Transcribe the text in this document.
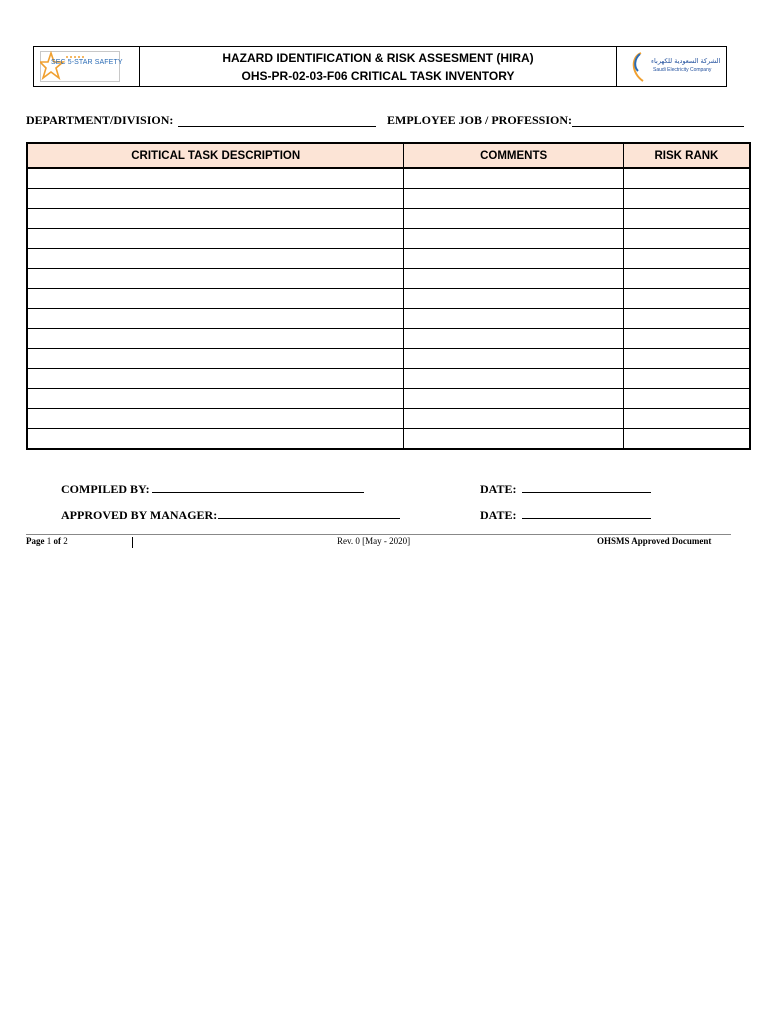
SEC 5-STAR SAFETY	HAZARD IDENTIFICATION & RISK ASSESMENT (HIRA)
OHS-PR-02-03-F06 CRITICAL TASK INVENTORY
الشركة السعودية للكهرباء
Saudi Electricity Company
DEPARTMENT/DIVISION:	EMPLOYEE JOB / PROFESSION:
CRITICAL TASK DESCRIPTION	COMMENTS	RISK RANK

COMPILED BY:	DATE:
APPROVED BY MANAGER:	DATE:
Page 1 of 2	Rev. 0 [May - 2020]	OHSMS Approved Document
